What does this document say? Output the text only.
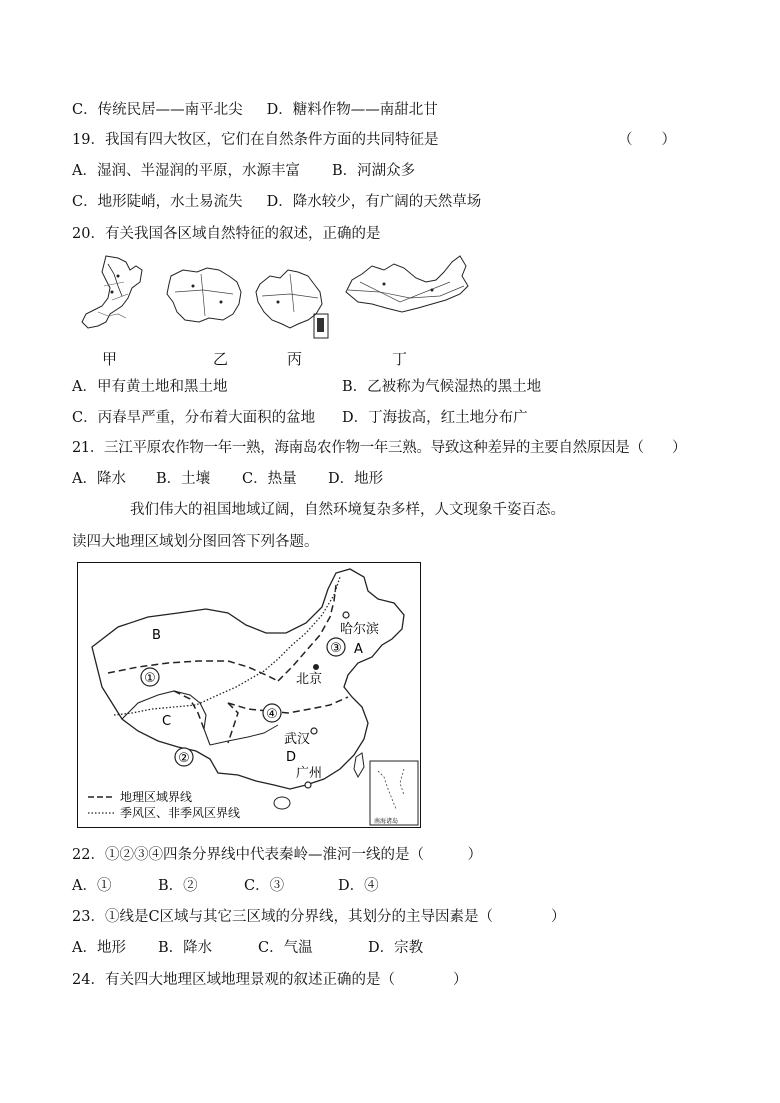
C．传统民居——南平北尖 D．糖料作物——南甜北甘
19．我国有四大牧区，它们在自然条件方面的共同特征是	（　　）
A．湿润、半湿润的平原，水源丰富 B．河湖众多
C．地形陡峭，水土易流失 D．降水较少，有广阔的天然草场
20．有关我国各区域自然特征的叙述，正确的是
甲	乙	丙	丁
A．甲有黄土地和黑土地	B．乙被称为气候湿热的黑土地
C．丙春旱严重，分布着大面积的盆地 D．丁海拔高，红土地分布广
21．三江平原农作物一年一熟，海南岛农作物一年三熟。导致这种差异的主要自然原因是（　　）
A．降水 B．土壤 C．热量 D．地形
我们伟大的祖国地域辽阔，自然环境复杂多样，人文现象千姿百态。
读四大地理区域划分图回答下列各题。
①
②
③
④
A
B
C
D
哈尔滨
北京
武汉
广州
地理区域界线
季风区、非季风区界线
南海诸岛
22．①②③④四条分界线中代表秦岭—淮河一线的是（　　　）
A．①	B．②	C．③	D．④
23．①线是C区域与其它三区域的分界线，其划分的主导因素是（　　　　）
A．地形 B．降水	C．气温	D．宗教
24．有关四大地理区域地理景观的叙述正确的是（　　　　）
